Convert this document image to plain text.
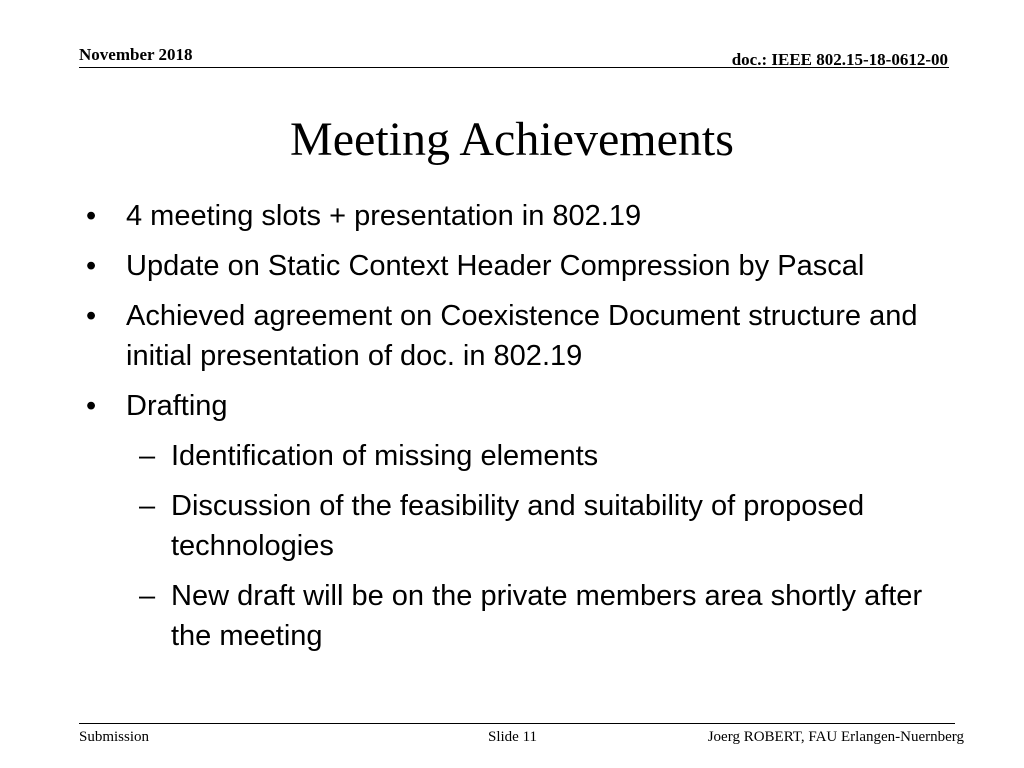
November 2018	doc.: IEEE 802.15-18-0612-00
Meeting Achievements
• 4 meeting slots + presentation in 802.19
• Update on Static Context Header Compression by Pascal
• Achieved agreement on Coexistence Document structure and initial presentation of doc. in 802.19
• Drafting
– Identification of missing elements
– Discussion of the feasibility and suitability of proposed technologies
– New draft will be on the private members area shortly after the meeting
Submission	Slide 11	Joerg ROBERT, FAU Erlangen-Nuernberg
